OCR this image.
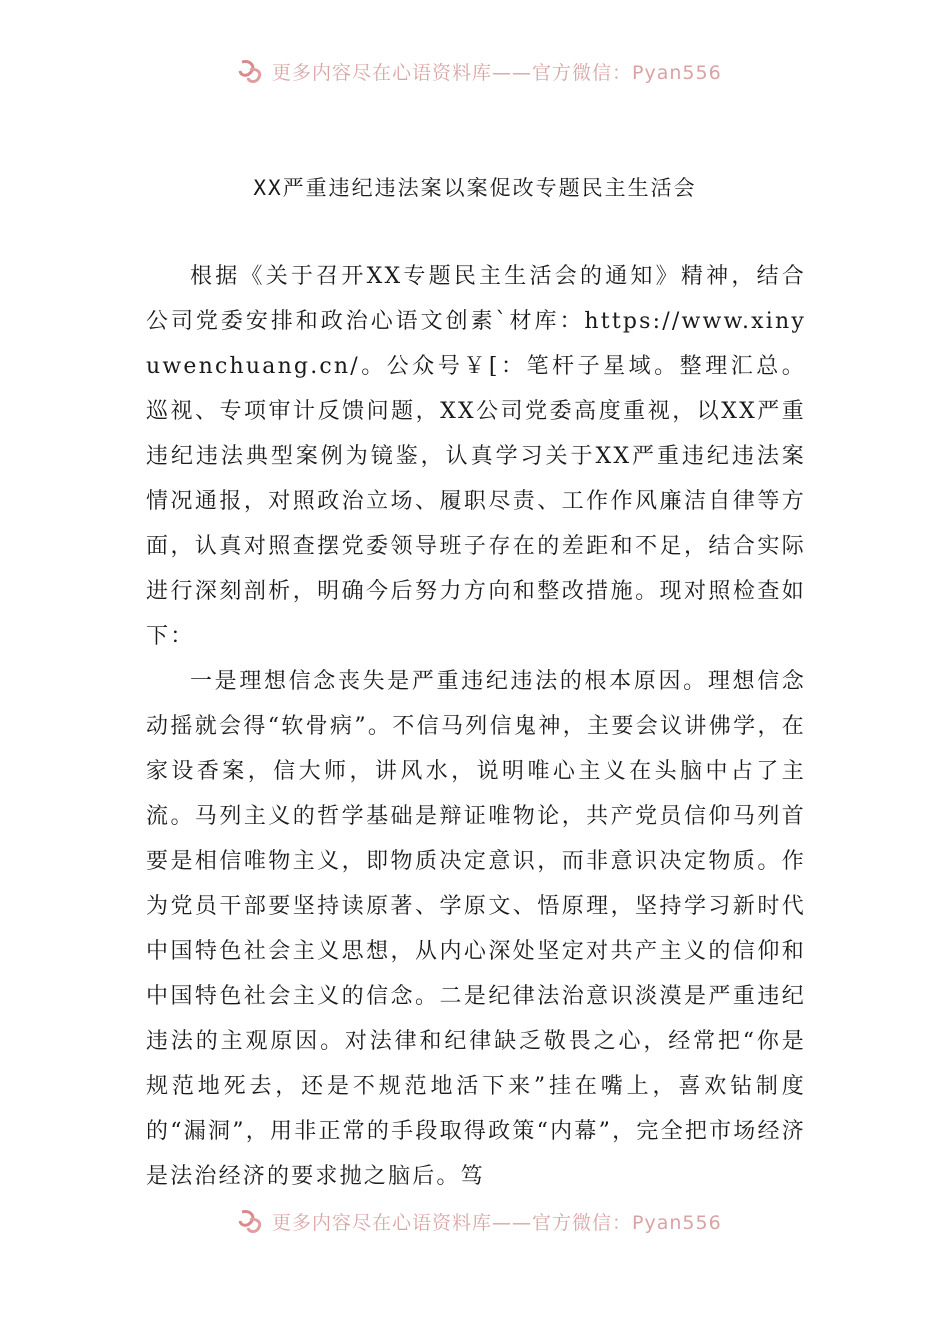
更多内容尽在心语资料库——官方微信：Pyan556
XX严重违纪违法案以案促改专题民主生活会

根据《关于召开XX专题民主生活会的通知》精神，结合公司党委安排和政治心语文创素`材库：https://www.xinyuwenchuang.cn/。公众号￥[：笔杆子星域。整理汇总。巡视、专项审计反馈问题，XX公司党委高度重视，以XX严重违纪违法典型案例为镜鉴，认真学习关于XX严重违纪违法案情况通报，对照政治立场、履职尽责、工作作风廉洁自律等方面，认真对照查摆党委领导班子存在的差距和不足，结合实际进行深刻剖析，明确今后努力方向和整改措施。现对照检查如下：

一是理想信念丧失是严重违纪违法的根本原因。理想信念动摇就会得“软骨病”。不信马列信鬼神，主要会议讲佛学，在家设香案，信大师，讲风水，说明唯心主义在头脑中占了主流。马列主义的哲学基础是辩证唯物论，共产党员信仰马列首要是相信唯物主义，即物质决定意识，而非意识决定物质。作为党员干部要坚持读原著、学原文、悟原理，坚持学习新时代中国特色社会主义思想，从内心深处坚定对共产主义的信仰和中国特色社会主义的信念。二是纪律法治意识淡漠是严重违纪违法的主观原因。对法律和纪律缺乏敬畏之心，经常把“你是规范地死去，还是不规范地活下来”挂在嘴上，喜欢钻制度的“漏洞”，用非正常的手段取得政策“内幕”，完全把市场经济是法治经济的要求抛之脑后。笃

更多内容尽在心语资料库——官方微信：Pyan556
